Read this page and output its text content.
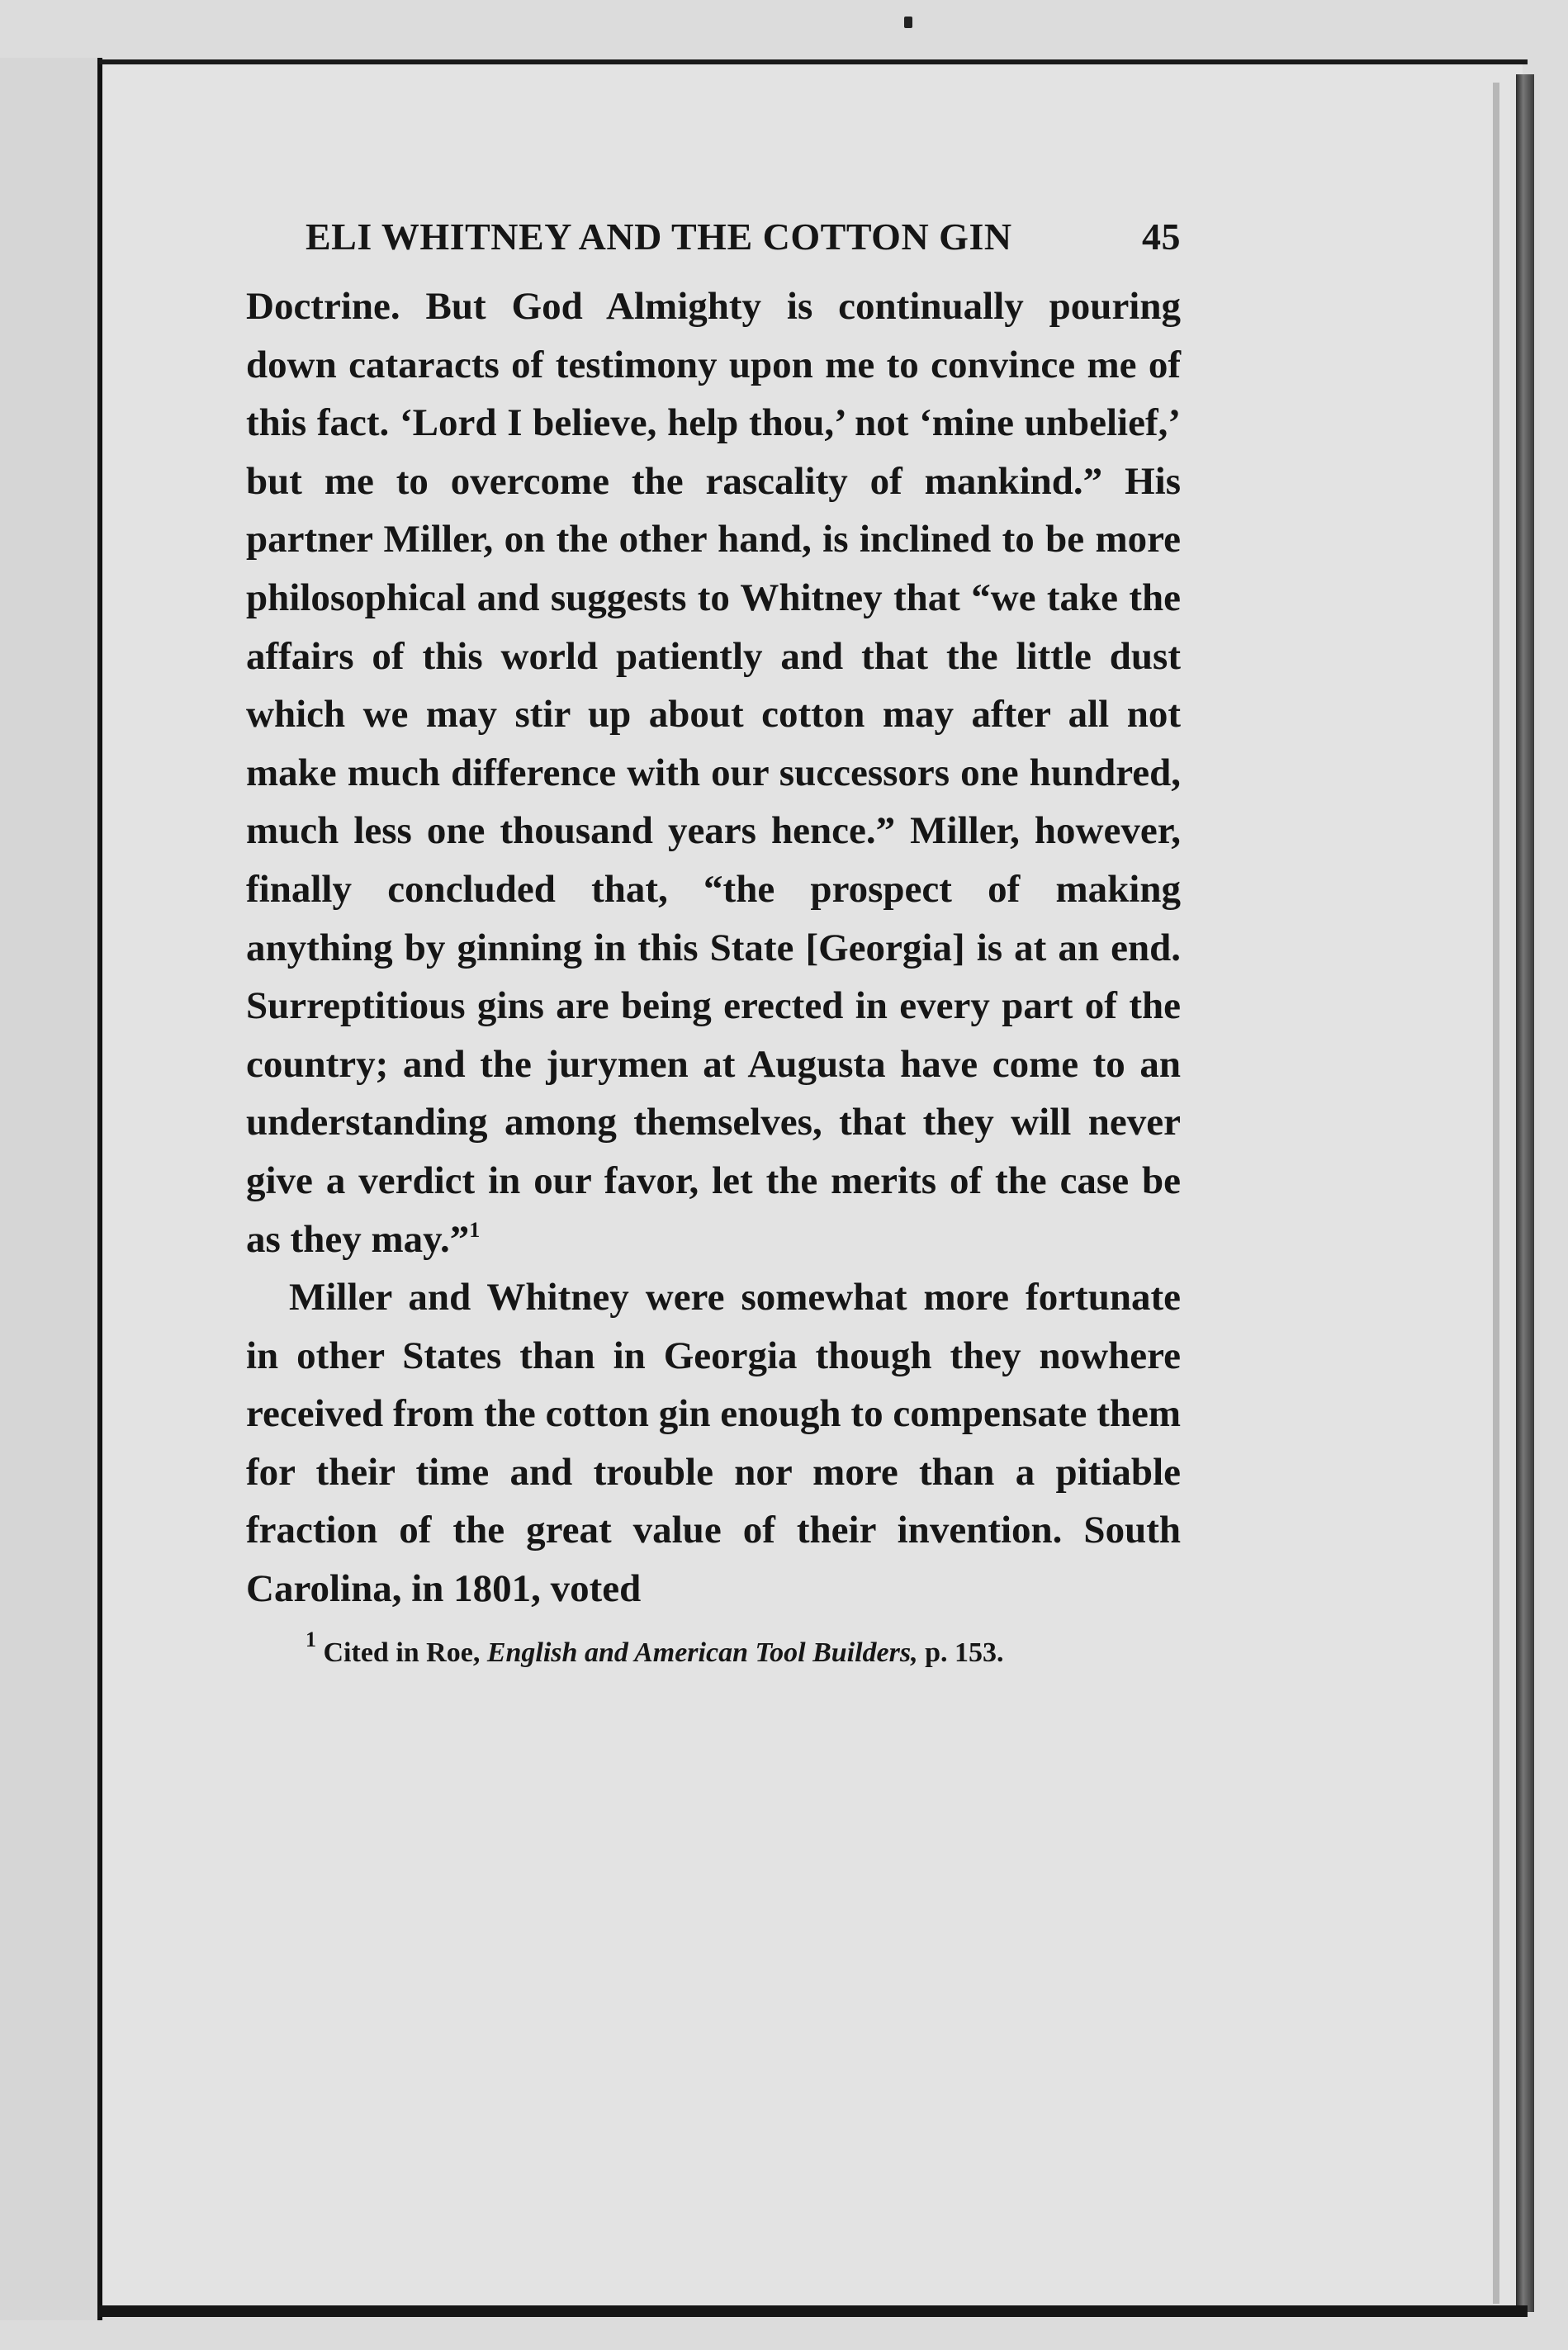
ELI WHITNEY AND THE COTTON GIN	45

Doctrine. But God Almighty is continually pouring down cataracts of testimony upon me to convince me of this fact. ‘Lord I believe, help thou,’ not ‘mine unbelief,’ but me to overcome the rascality of mankind.” His partner Miller, on the other hand, is inclined to be more philosophical and suggests to Whitney that “we take the affairs of this world patiently and that the little dust which we may stir up about cotton may after all not make much difference with our successors one hundred, much less one thousand years hence.” Miller, however, finally concluded that, “the prospect of making anything by ginning in this State [Georgia] is at an end. Surreptitious gins are being erected in every part of the country; and the jurymen at Augusta have come to an understanding among themselves, that they will never give a verdict in our favor, let the merits of the case be as they may.”$^1$

Miller and Whitney were somewhat more fortunate in other States than in Georgia though they nowhere received from the cotton gin enough to compensate them for their time and trouble nor more than a pitiable fraction of the great value of their invention. South Carolina, in 1801, voted

$^1$ Cited in Roe, English and American Tool Builders, p. 153.
